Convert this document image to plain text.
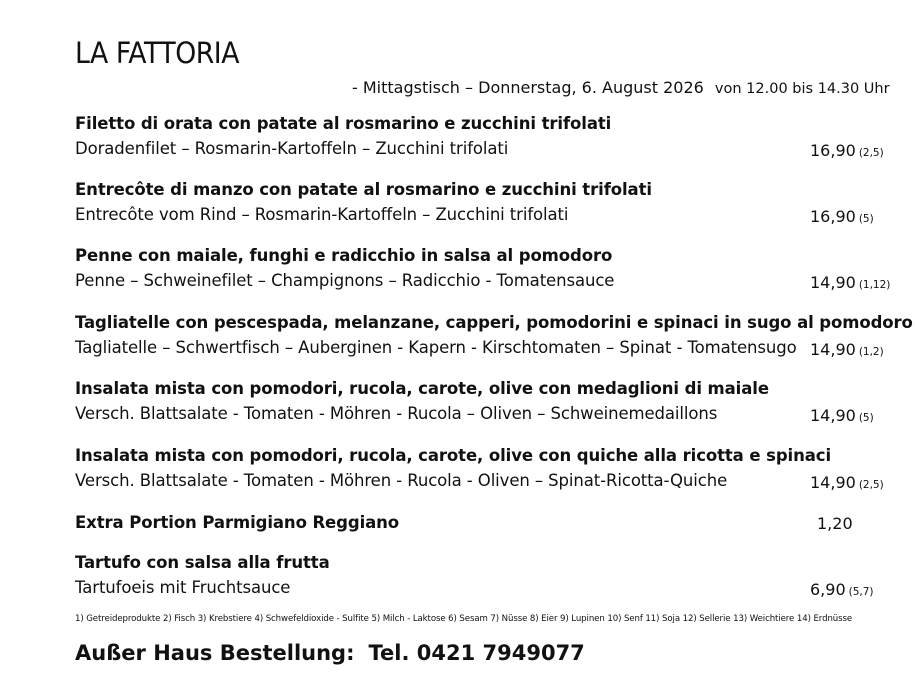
LA FATTORIA
- Mittagstisch – Donnerstag, 6. August 2026 von 12.00 bis 14.30 Uhr
Filetto di orata con patate al rosmarino e zucchini trifolati
Doradenfilet – Rosmarin-Kartoffeln – Zucchini trifolati	16,90 (2,5)
Entrecôte di manzo con patate al rosmarino e zucchini trifolati
Entrecôte vom Rind – Rosmarin-Kartoffeln – Zucchini trifolati	16,90 (5)
Penne con maiale, funghi e radicchio in salsa al pomodoro
Penne – Schweinefilet – Champignons – Radicchio - Tomatensauce	14,90 (1,12)
Tagliatelle con pescespada, melanzane, capperi, pomodorini e spinaci in sugo al pomodoro
Tagliatelle – Schwertfisch – Auberginen - Kapern - Kirschtomaten – Spinat - Tomatensugo 14,90 (1,2)
Insalata mista con pomodori, rucola, carote, olive con medaglioni di maiale
Versch. Blattsalate - Tomaten - Möhren - Rucola – Oliven – Schweinemedaillons	14,90 (5)
Insalata mista con pomodori, rucola, carote, olive con quiche alla ricotta e spinaci
Versch. Blattsalate - Tomaten - Möhren - Rucola - Oliven – Spinat-Ricotta-Quiche	14,90 (2,5)
Extra Portion Parmigiano Reggiano	1,20
Tartufo con salsa alla frutta
Tartufoeis mit Fruchtsauce	6,90 (5,7)
1) Getreideprodukte 2) Fisch 3) Krebstiere 4) Schwefeldioxide - Sulfite 5) Milch - Laktose 6) Sesam 7) Nüsse 8) Eier 9) Lupinen 10) Senf 11) Soja 12) Sellerie 13) Weichtiere 14) Erdnüsse
Außer Haus Bestellung: Tel. 0421 7949077
